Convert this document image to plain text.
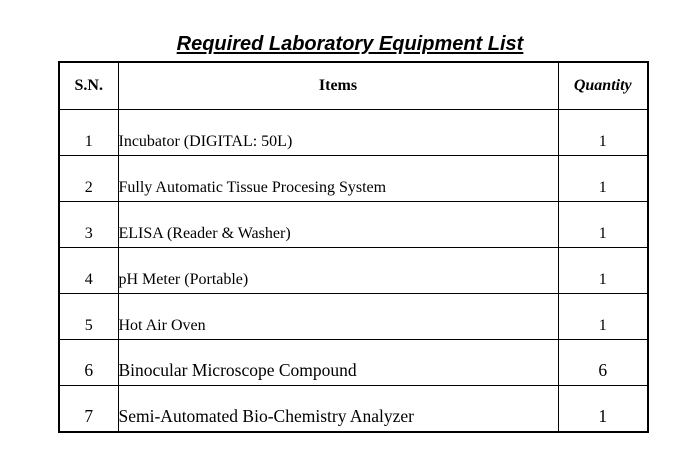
Required Laboratory Equipment List
S.N.	Items	Quantity

1	Incubator (DIGITAL: 50L)	1

2	Fully Automatic Tissue Procesing System	1

3	ELISA (Reader & Washer)	1

4	pH Meter (Portable)	1

5	Hot Air Oven	1

6	Binocular Microscope Compound	6

7	Semi-Automated Bio-Chemistry Analyzer	1
